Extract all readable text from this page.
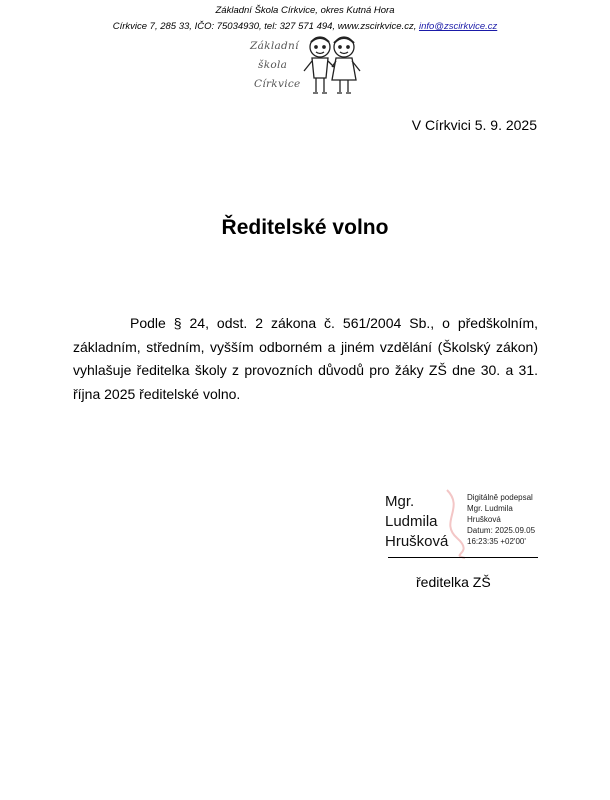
Základní Škola Církvice, okres Kutná Hora
Církvice 7, 285 33, IČO: 75034930, tel: 327 571 494, www.zscirkvice.cz, info@zscirkvice.cz
Základní
škola
Církvice
V Církvici 5. 9. 2025
Ředitelské volno
Podle § 24, odst. 2 zákona č. 561/2004 Sb., o předškolním, základním, středním, vyšším odborném a jiném vzdělání (Školský zákon) vyhlašuje ředitelka školy z provozních důvodů pro žáky ZŠ dne 30. a 31. října 2025 ředitelské volno.
Mgr.
Ludmila
Hrušková
Digitálně podepsal
Mgr. Ludmila
Hrušková
Datum: 2025.09.05
16:23:35 +02'00'
ředitelka ZŠ
